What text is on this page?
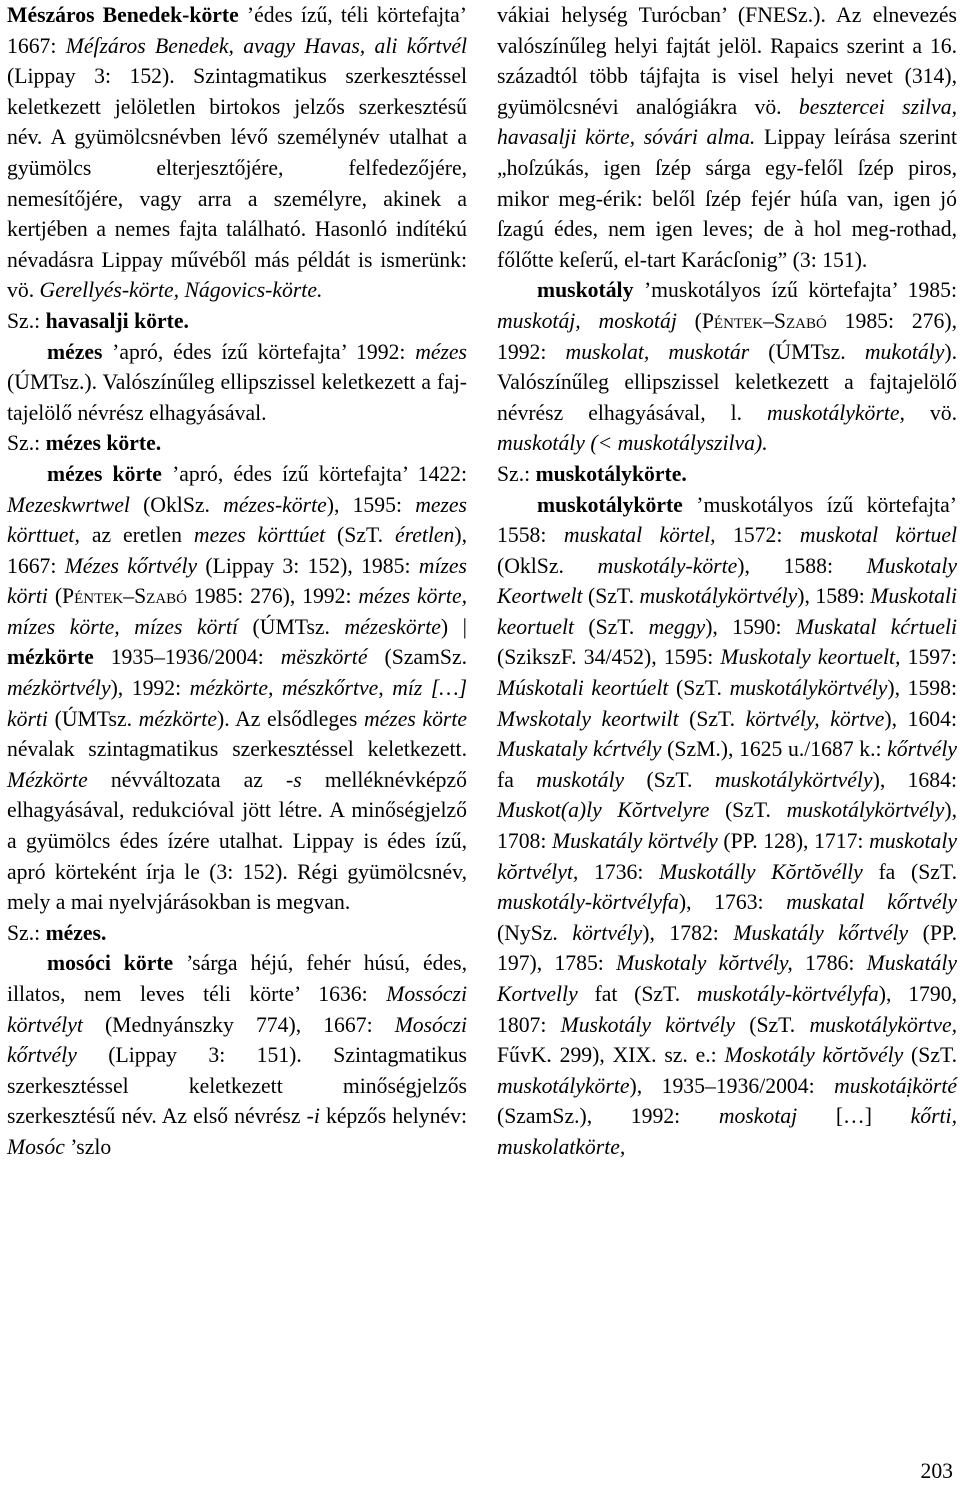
Mészáros Benedek-körte ’édes ízű, téli körtefajta’ 1667: Méſzáros Benedek, avagy Havas, ali kőrtvél (Lippay 3: 152). Szintagmatikus szerkesztéssel keletkezett jelöletlen birtokos jelzős szerkesztésű név. A gyümölcsnévben lévő személynév utalhat a gyümölcs elterjesztőjére, felfedezőjére, nemesítőjére, vagy arra a személyre, akinek a kertjében a nemes fajta található. Hasonló indítékú névadásra Lippay művéből más példát is ismerünk: vö. Gerellyés-körte, Nágovics-körte.

Sz.: havasalji körte.

mézes ’apró, édes ízű körtefajta’ 1992: mézes (ÚMTsz.). Valószínűleg ellipszissel keletkezett a fajtajelölő névrész elhagyásával.

Sz.: mézes körte.

mézes körte ’apró, édes ízű körtefajta’ 1422: Mezeskwrtwel (OklSz. mézes-körte), 1595: mezes körttuet, az eretlen mezes körttúet (SzT. éretlen), 1667: Mézes kőrtvély (Lippay 3: 152), 1985: mízes körti (Péntek–Szabó 1985: 276), 1992: mézes körte, mízes körte, mízes körtí (ÚMTsz. mézeskörte) | mézkörte 1935–1936/2004: mëszkörté (SzamSz. mézkörtvély), 1992: mézkörte, mészkőrtve, míz […] körti (ÚMTsz. mézkörte). Az elsődleges mézes körte névalak szintagmatikus szerkesztéssel keletkezett. Mézkörte névváltozata az -s melléknévképző elhagyásával, redukcióval jött létre. A minőségjelző a gyümölcs édes ízére utalhat. Lippay is édes ízű, apró körteként írja le (3: 152). Régi gyümölcsnév, mely a mai nyelvjárásokban is megvan.

Sz.: mézes.

mosóci körte ’sárga héjú, fehér húsú, édes, illatos, nem leves téli körte’ 1636: Mossóczi körtvélyt (Mednyánszky 774), 1667: Mosóczi kőrtvély (Lippay 3: 151). Szintagmatikus szerkesztéssel keletkezett minőségjelzős szerkesztésű név. Az első névrész -i képzős helynév: Mosóc ’szlo

vákiai helység Turócban’ (FNESz.). Az elnevezés valószínűleg helyi fajtát jelöl. Rapaics szerint a 16. századtól több tájfajta is visel helyi nevet (314), gyümölcsnévi analógiákra vö. besztercei szilva, havasalji körte, sóvári alma. Lippay leírása szerint „hoſzúkás, igen ſzép sárga egy-felől ſzép piros, mikor meg-érik: belől ſzép fejér húſa van, igen jó ſzagú édes, nem igen leves; de à hol meg-rothad, főlőtte keſerű, el-tart Karácſonig” (3: 151).

muskotály ’muskotályos ízű körtefajta’ 1985: muskotáj, moskotáj (Péntek–Szabó 1985: 276), 1992: muskolat, muskotár (ÚMTsz. mukotály). Valószínűleg ellipszissel keletkezett a fajtajelölő névrész elhagyásával, l. muskotálykörte, vö. muskotály (< muskotályszilva).

Sz.: muskotálykörte.

muskotálykörte ’muskotályos ízű körtefajta’ 1558: muskatal körtel, 1572: muskotal körtuel (OklSz. muskotály-körte), 1588: Muskotaly Keortwelt (SzT. muskotálykörtvély), 1589: Muskotali keortuelt (SzT. meggy), 1590: Muskatal kćrtueli (SzikszF. 34/452), 1595: Muskotaly keortuelt, 1597: Múskotali keortúelt (SzT. muskotálykörtvély), 1598: Mwskotaly keortwilt (SzT. körtvély, körtve), 1604: Muskataly kćrtvély (SzM.), 1625 u./1687 k.: kőrtvély fa muskotály (SzT. muskotálykörtvély), 1684: Muskot(a)ly Kŏrtvelyre (SzT. muskotálykörtvély), 1708: Muskatály körtvély (PP. 128), 1717: muskotaly kŏrtvélyt, 1736: Muskotálly Kŏrtŏvélly fa (SzT. muskotály-körtvélyfa), 1763: muskatal kőrtvély (NySz. körtvély), 1782: Muskatály kőrtvély (PP. 197), 1785: Muskotaly kŏrtvély, 1786: Muskatály Kortvelly fat (SzT. muskotály-körtvélyfa), 1790, 1807: Muskotály körtvély (SzT. muskotálykörtve, FűvK. 299), XIX. sz. e.: Moskotály kŏrtŏvély (SzT. muskotálykörte), 1935–1936/2004: muskotáịkörté (SzamSz.), 1992: moskotaj […] kőrti, muskolatkörte,

203
